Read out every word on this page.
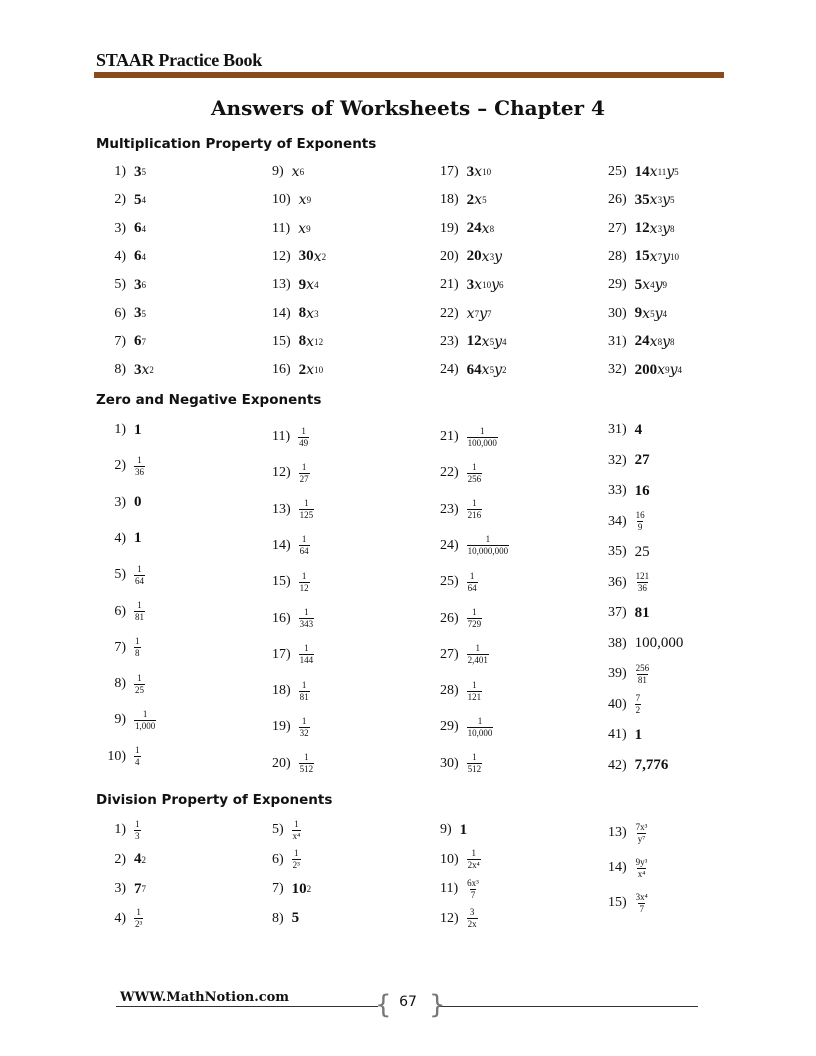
STAAR Practice Book
Answers of Worksheets – Chapter 4
Multiplication Property of Exponents
Zero and Negative Exponents
Division Property of Exponents
1) 3 5
2) 5 4
3) 6 4
4) 6 4
5) 3 6
6) 3 5
7) 6 7
8) 3 x 2
9) x 6
10) x 9
11) x 9
12) 30 x 2
13) 9 x 4
14) 8 x 3
15) 8 x 12
16) 2 x 10
17) 3 x 10
18) 2 x 5
19) 24 x 8
20) 20 x 3 y
21) 3 x 10 y 6
22) x 7 y 7
23) 12 x 5 y 4
24) 64 x 5 y 2
25) 14 x 11 y 5
26) 35 x 3 y 5
27) 12 x 3 y 8
28) 15 x 7 y 10
29) 5 x 4 y 9
30) 9 x 5 y 4
31) 24 x 8 y 8
32) 200 x 9 y 4
1) 1
$2) \frac{1}{36}$
3) 0
4) 1
$5) \frac{1}{64}$
$6) \frac{1}{81}$
$7) \frac{1}{8}$
$8) \frac{1}{25}$
$9) \frac{1}{1,000}$
$10) \frac{1}{4}$
$11) \frac{1}{49}$
$12) \frac{1}{27}$
$13) \frac{1}{125}$
$14) \frac{1}{64}$
$15) \frac{1}{12}$
$16) \frac{1}{343}$
$17) \frac{1}{144}$
$18) \frac{1}{81}$
$19) \frac{1}{32}$
$20) \frac{1}{512}$
$21) \frac{1}{100,000}$
$22) \frac{1}{256}$
$23) \frac{1}{216}$
$24) \frac{1}{10,000,000}$
$25) \frac{1}{64}$
$26) \frac{1}{729}$
$27) \frac{1}{2,401}$
$28) \frac{1}{121}$
$29) \frac{1}{10,000}$
$30) \frac{1}{512}$
31) 4
32) 27
33) 16
$34) \frac{16}{9}$
35) 25
$36) \frac{121}{36}$
37) 81
38) 100,000
$39) \frac{256}{81}$
$40) \frac{7}{2}$
41) 1
42) 7,776
$1) \frac{1}{3}$
2) 4 2
3) 7 7
$4) \frac{1}{\text{2³}}$
$5) \frac{1}{\text{x⁴}}$
$6) \frac{1}{\text{2³}}$
7) 10 2
8) 5
9) 1
$10) \frac{1}{\text{2x⁴}}$
$11) \frac{\text{6x³}}{7}$
$12) \frac{3}{2x}$
$13) \frac{\text{7x³}}{\text{y⁷}}$
$14) \frac{\text{9y³}}{\text{x⁴}}$
$15) \frac{\text{3x⁴}}{7}$
WWW.MathNotion.com	{ 67 }
